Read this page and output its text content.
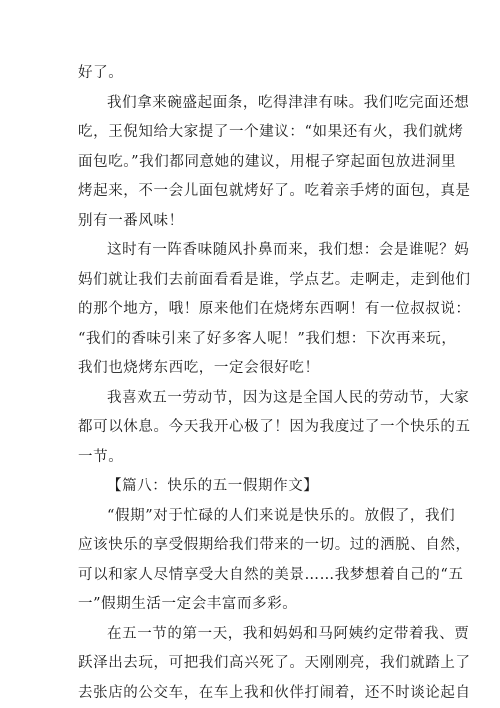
好了。
我们拿来碗盛起面条，吃得津津有味。我们吃完面还想
吃，王倪知给大家提了一个建议：“如果还有火，我们就烤
面包吃。”我们都同意她的建议，用棍子穿起面包放进洞里
烤起来，不一会儿面包就烤好了。吃着亲手烤的面包，真是
别有一番风味！
这时有一阵香味随风扑鼻而来，我们想：会是谁呢？妈
妈们就让我们去前面看看是谁，学点艺。走啊走，走到他们
的那个地方，哦！原来他们在烧烤东西啊！有一位叔叔说：
“我们的香味引来了好多客人呢！”我们想：下次再来玩，
我们也烧烤东西吃，一定会很好吃！
我喜欢五一劳动节，因为这是全国人民的劳动节，大家
都可以休息。今天我开心极了！因为我度过了一个快乐的五
一节。
【篇八：快乐的五一假期作文】
“假期”对于忙碌的人们来说是快乐的。放假了，我们
应该快乐的享受假期给我们带来的一切。过的洒脱、自然，
可以和家人尽情享受大自然的美景……我梦想着自己的“五
一”假期生活一定会丰富而多彩。
在五一节的第一天，我和妈妈和马阿姨约定带着我、贾
跃泽出去玩，可把我们高兴死了。天刚刚亮，我们就踏上了
去张店的公交车，在车上我和伙伴打闹着，还不时谈论起自
